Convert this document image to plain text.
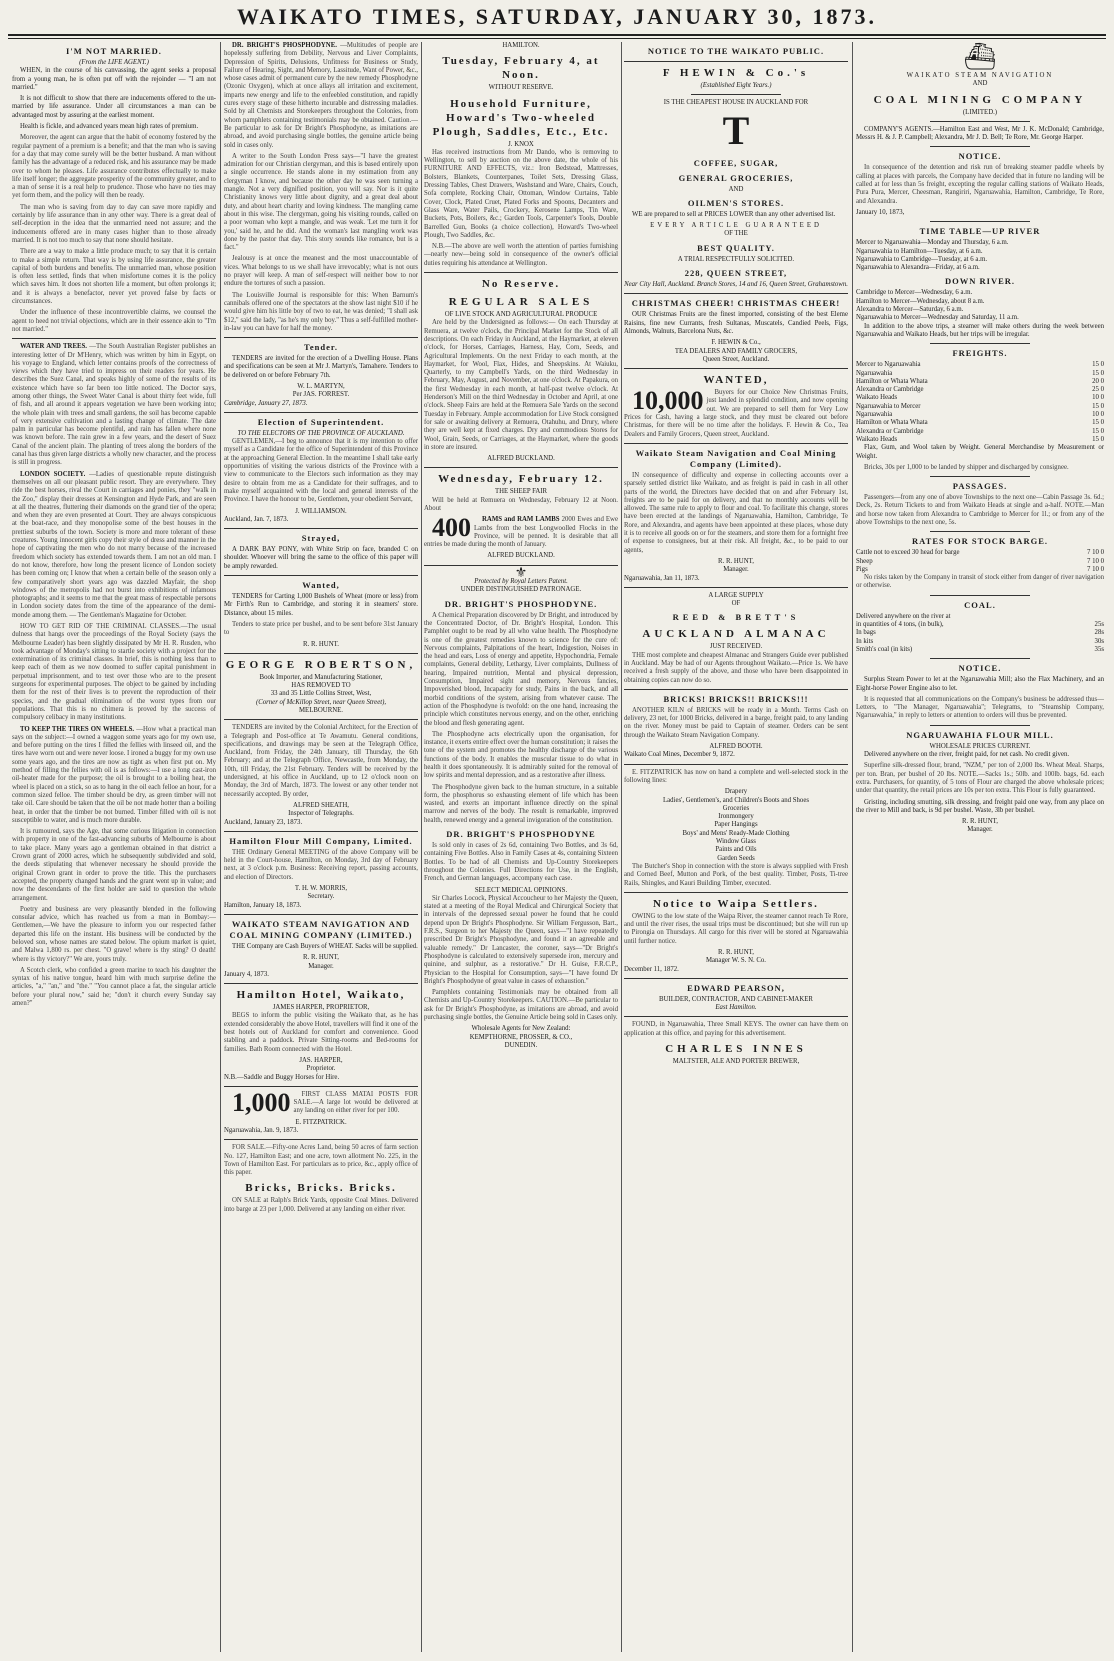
WAIKATO TIMES, SATURDAY, JANUARY 30, 1873.
I'M NOT MARRIED.
(From the LIFE AGENT.)

WHEN, in the course of his canvassing, the agent seeks a proposal from a young man, he is often put off with the rejoinder — "I am not married."

It is not difficult to show that there are inducements offered to the un-married by life assurance. Under all circumstances a man can be advantaged most by assuring at the earliest moment.

Health is fickle, and advanced years mean high rates of premium.

Moreover, the agent can argue that the habit of economy fostered by the regular payment of a premium is a benefit; and that the man who is saving for a day that may come surely will be the better husband. A man without family has the advantage of a reduced risk, and his assurance may be made over to whom he pleases. Life assurance contributes effectually to make life itself longer; the aggregate prosperity of the community greater, and to a man of sense it is a real help to prudence. Those who have no ties may yet form them, and the policy will then be ready.

The man who is saving from day to day can save more rapidly and certainly by life assurance than in any other way. There is a great deal of self-deception in the idea that the unmarried need not assure; and the inducements offered are in many cases higher than to those already married. It is not too much to say that none should hesitate.

There are a way to make a little produce much; to say that it is certain to make a simple return. That way is by using life assurance, the greater capital of both burdens and benefits. The unmarried man, whose position is often less settled, finds that when misfortune comes it is the policy which saves him. It does not shorten life a moment, but often prolongs it; and it is always a benefactor, never yet proved false by facts or circumstances.

Under the influence of these incontrovertible claims, we counsel the agent to heed not trivial objections, which are in their essence akin to "I'm not married."

WATER AND TREES. —The South Australian Register publishes an interesting letter of Dr M'Henry, which was written by him in Egypt, on his voyage to England, which letter contains proofs of the correctness of views which they have tried to impress on their readers for years. He describes the Suez Canal, and speaks highly of some of the results of its existence which have so far been too little noticed. The Doctor says, among other things, the Sweet Water Canal is about thirty feet wide, full of fish, and all around it appears vegetation we have been working into; the whole plain with trees and small gardens, the soil has become capable of very extensive cultivation and a lasting change of climate. The date palm in particular has become plentiful, and rain has fallen where none was known before. The rain grew in a few years, and the desert of Suez Canal of the ancient plain. The planting of trees along the borders of the canal has thus given large districts a wholly new character, and the process is still in progress.

LONDON SOCIETY. —Ladies of questionable repute distinguish themselves on all our pleasant public resort. They are everywhere. They ride the best horses, rival the Court in carriages and ponies, they "walk in the Zoo," display their dresses at Kensington and Hyde Park, and are seen at all the theatres, fluttering their diamonds on the grand tier of the opera; and when they are even presented at Court. They are always conspicuous at the boat-race, and they monopolise some of the best houses in the prettiest suburbs of the town. Society is more and more tolerant of these creatures. Young innocent girls copy their style of dress and manner in the hope of captivating the men who do not marry because of the increased freedom which society has extended towards them. I am not an old man. I do not know, therefore, how long the present licence of London society has been coming on; I know that when a certain belle of the season only a few comparatively short years ago was dazzled Mayfair, the shop windows of the metropolis had not burst into exhibitions of infamous photographs; and it seems to me that the great mass of respectable persons in London society dates from the time of the appearance of the demi-monde among them. — The Gentleman's Magazine for October.

HOW TO GET RID OF THE CRIMINAL CLASSES.—The usual dulness that hangs over the proceedings of the Royal Society (says the Melbourne Leader) has been slightly dissipated by Mr H. R. Rusden, who took advantage of Monday's sitting to startle society with a project for the extermination of its criminal classes. In brief, this is nothing less than to keep each of them as we now doomed to suffer capital punishment in perpetual imprisonment, and to test over those who are to the present surgeons for experimental purposes. The object to be gained by including them for the rest of their lives is to prevent the reproduction of their species, and the gradual elimination of the worst types from our populations. That this is no chimera is proved by the success of compulsory celibacy in many institutions.

TO KEEP THE TIRES ON WHEELS. —How what a practical man says on the subject:—I owned a waggon some years ago for my own use, and before putting on the tires I filled the fellies with linseed oil, and the tires have worn out and were never loose. I ironed a buggy for my own use some years ago, and the tires are now as tight as when first put on. My method of filling the fellies with oil is as follows:—I use a long cast-iron oil-heater made for the purpose; the oil is brought to a boiling heat, the wheel is placed on a stick, so as to hang in the oil each felloe an hour, for a common sized felloe. The timber should be dry, as green timber will not take oil. Care should be taken that the oil be not made hotter than a boiling heat, in order that the timber be not burned. Timber filled with oil is not susceptible to water, and is much more durable.

It is rumoured, says the Age, that some curious litigation in connection with property in one of the fast-advancing suburbs of Melbourne is about to take place. Many years ago a gentleman obtained in that district a Crown grant of 2000 acres, which he subsequently subdivided and sold, the deeds stipulating that whenever necessary he should provide the original Crown grant in order to prove the title. This the purchasers accepted, the property changed hands and the grant went up in value; and now the descendants of the first holder are said to question the whole arrangement.

Poetry and business are very pleasantly blended in the following consular advice, which has reached us from a man in Bombay:—Gentlemen,—We have the pleasure to inform you our respected father departed this life on the instant. His business will be conducted by the beloved son, whose names are stated below. The opium market is quiet, and Malwa 1,800 rs. per chest. "O grave! where is thy sting? O death! where is thy victory?" We are, yours truly.

A Scotch clerk, who confided a green marine to teach his daughter the syntax of his native tongue, heard him with much surprise define the articles, "a," "an," and "the." "You cannot place a fat, the singular article before your plural now," said he; "don't it church every Sunday say amen?"

DR. BRIGHT'S PHOSPHODYNE. —Multitudes of people are hopelessly suffering from Debility, Nervous and Liver Complaints, Depression of Spirits, Delusions, Unfitness for Business or Study, Failure of Hearing, Sight, and Memory, Lassitude, Want of Power, &c., whose cases admit of permanent cure by the new remedy Phosphodyne (Ozonic Oxygen), which at once allays all irritation and excitement, imparts new energy and life to the enfeebled constitution, and rapidly cures every stage of these hitherto incurable and distressing maladies. Sold by all Chemists and Storekeepers throughout the Colonies, from whom pamphlets containing testimonials may be obtained. Caution.—Be particular to ask for Dr Bright's Phosphodyne, as imitations are abroad, and avoid purchasing single bottles, the genuine article being sold in cases only.

A writer to the South London Press says—"I have the greatest admiration for our Christian clergyman, and this is based entirely upon a single occurrence. He stands alone in my estimation from any clergyman I know, and because the other day he was seen turning a mangle. Not a very dignified position, you will say. Nor is it quite Christianity knows very little about dignity, and a great deal about duty, and about heart charity and loving kindness. The mangling came about in this wise. The clergyman, going his visiting rounds, called on a poor woman who kept a mangle, and was weak. 'Let me turn it for you,' said he, and he did. And the woman's last mangling work was done by the pastor that day. This story sounds like romance, but is a fact."

Jealousy is at once the meanest and the most unaccountable of vices. What belongs to us we shall have irrevocably; what is not ours no prayer will keep. A man of self-respect will neither bow to nor endure the tortures of such a passion.

The Louisville Journal is responsible for this: When Barnum's cannibals offered one of the spectators at the show last night $10 if he would give him his little boy of two to eat, he was denied; "I shall ask $12," said the lady, "as he's my only boy." Thus a self-fulfilled mother-in-law you can have for half the money.

Tender.

TENDERS are invited for the erection of a Dwelling House. Plans and specifications can be seen at Mr J. Martyn's, Tamahere. Tenders to be delivered on or before February 7th.

W. L. MARTYN,
Per JAS. FORREST.
Cambridge, January 27, 1873.
Election of Superintendent.
TO THE ELECTORS OF THE PROVINCE OF AUCKLAND.

GENTLEMEN,—I beg to announce that it is my intention to offer myself as a Candidate for the office of Superintendent of this Province at the approaching General Election. In the meantime I shall take early opportunities of visiting the various districts of the Province with a view to communicate to the Electors such information as they may desire to obtain from me as a Candidate for their suffrages, and to make myself acquainted with the local and general interests of the Province. I have the honour to be, Gentlemen, your obedient Servant,

J. WILLIAMSON.
Auckland, Jan. 7, 1873.
Strayed,

A DARK BAY PONY, with White Strip on face, branded C on shoulder. Whoever will bring the same to the office of this paper will be amply rewarded.

Wanted,

TENDERS for Carting 1,000 Bushels of Wheat (more or less) from Mr Firth's Run to Cambridge, and storing it in steamers' store. Distance, about 15 miles.

Tenders to state price per bushel, and to be sent before 31st January to

R. R. HUNT.
GEORGE ROBERTSON,
Book Importer, and Manufacturing Stationer,
HAS REMOVED TO
33 and 35 Little Collins Street, West,
(Corner of McKillop Street, near Queen Street),
MELBOURNE.

TENDERS are invited by the Colonial Architect, for the Erection of a Telegraph and Post-office at Te Awamutu. General conditions, specifications, and drawings may be seen at the Telegraph Office, Auckland, from Friday, the 24th January, till Thursday, the 6th February; and at the Telegraph Office, Newcastle, from Monday, the 10th, till Friday, the 21st February. Tenders will be received by the undersigned, at his office in Auckland, up to 12 o'clock noon on Monday, the 3rd of March, 1873. The lowest or any other tender not necessarily accepted. By order,

ALFRED SHEATH,
Inspector of Telegraphs.
Auckland, January 23, 1873.
Hamilton Flour Mill Company, Limited.

THE Ordinary General MEETING of the above Company will be held in the Court-house, Hamilton, on Monday, 3rd day of February next, at 3 o'clock p.m. Business: Receiving report, passing accounts, and election of Directors.

T. H. W. MORRIS,
Secretary.
Hamilton, January 18, 1873.
WAIKATO STEAM NAVIGATION AND COAL MINING COMPANY (LIMITED.)

THE Company are Cash Buyers of WHEAT. Sacks will be supplied.

R. R. HUNT,
Manager.
January 4, 1873.
Hamilton Hotel, Waikato,
JAMES HARPER, PROPRIETOR,

BEGS to inform the public visiting the Waikato that, as he has extended considerably the above Hotel, travellers will find it one of the best hotels out of Auckland for comfort and convenience. Good stabling and a paddock. Private Sitting-rooms and Bed-rooms for families. Bath Room connected with the Hotel.

JAS. HARPER,
Proprietor.
N.B.—Saddle and Buggy Horses for Hire.

1,000 FIRST CLASS MATAI POSTS FOR SALE.—A large lot would be delivered at any landing on either river for per 100.

E. FITZPATRICK.
Ngaruawahia, Jan. 9, 1873.

FOR SALE.—Fifty-one Acres Land, being 50 acres of farm section No. 127, Hamilton East; and one acre, town allotment No. 225, in the Town of Hamilton East. For particulars as to price, &c., apply office of this paper.

Bricks, Bricks. Bricks.

ON SALE at Ralph's Brick Yards, opposite Coal Mines. Delivered into barge at 23 per 1,000. Delivered at any landing on either river.

HAMILTON.
Tuesday, February 4, at Noon.
WITHOUT RESERVE.
Household Furniture, Howard's Two-wheeled Plough, Saddles, Etc., Etc.
J. KNOX

Has received instructions from Mr Dando, who is removing to Wellington, to sell by auction on the above date, the whole of his FURNITURE AND EFFECTS, viz.: Iron Bedstead, Mattresses, Bolsters, Blankets, Counterpanes, Toilet Sets, Dressing Glass, Dressing Tables, Chest Drawers, Washstand and Ware, Chairs, Couch, Sofa complete, Rocking Chair, Ottoman, Window Curtains, Table Cover, Clock, Plated Cruet, Plated Forks and Spoons, Decanters and Glass Ware, Water Pails, Crockery, Kerosene Lamps, Tin Ware, Buckets, Pots, Boilers, &c.; Garden Tools, Carpenter's Tools, Double Barrelled Gun, Books (a choice collection), Howard's Two-wheel Plough, Two Saddles, &c.

N.B.—The above are well worth the attention of parties furnishing—nearly new—being sold in consequence of the owner's official duties requiring his attendance at Wellington.

No Reserve.
REGULAR SALES
OF LIVE STOCK AND AGRICULTURAL PRODUCE

Are held by the Undersigned as follows:— On each Thursday at Remuera, at twelve o'clock, the Principal Market for the Stock of all descriptions. On each Friday in Auckland, at the Haymarket, at eleven o'clock, for Horses, Carriages, Harness, Hay, Corn, Seeds, and Agricultural Implements. On the next Friday to each month, at the Haymarket, for Wool, Flax, Hides, and Sheepskins. At Waiuku, Quarterly, to my Campbell's Yards, on the third Wednesday in February, May, August, and November, at one o'clock. At Papakura, on the first Wednesday in each month, at half-past twelve o'clock. At Henderson's Mill on the third Wednesday in October and April, at one o'clock. Sheep Fairs are held at the Remuera Sale Yards on the second Tuesday in February. Ample accommodation for Live Stock consigned for sale or awaiting delivery at Remuera, Otahuhu, and Drury, where they are well kept at fixed charges. Dry and commodious Stores for Wool, Grain, Seeds, or Carriages, at the Haymarket, where the goods in store are insured.

ALFRED BUCKLAND.
Wednesday, February 12.
THE SHEEP FAIR

Will be held at Remuera on Wednesday, February 12 at Noon. About

400 RAMS and RAM LAMBS 2000 Ewes and Ewe Lambs from the best Longwoolled Flocks in the Province, will be penned. It is desirable that all entries be made during the month of January.

ALFRED BUCKLAND.
⚜
Protected by Royal Letters Patent.
UNDER DISTINGUISHED PATRONAGE.
DR. BRIGHT'S PHOSPHODYNE.

A Chemical Preparation discovered by Dr Bright, and introduced by the Concentrated Doctor, of Dr. Bright's Hospital, London. This Pamphlet ought to be read by all who value health. The Phosphodyne is one of the greatest remedies known to science for the cure of: Nervous complaints, Palpitations of the heart, Indigestion, Noises in the head and ears, Loss of energy and appetite, Hypochondria, Female complaints, General debility, Lethargy, Liver complaints, Dullness of hearing, Impaired nutrition, Mental and physical depression, Consumption, Impaired sight and memory, Nervous fancies, Impoverished blood, Incapacity for study, Pains in the back, and all morbid conditions of the system, arising from whatever cause. The action of the Phosphodyne is twofold: on the one hand, increasing the principle which constitutes nervous energy, and on the other, enriching the blood and flesh generating agent.

The Phosphodyne acts electrically upon the organisation, for instance, it exerts entire effect over the human constitution; it raises the tone of the system and promotes the healthy discharge of the various functions of the body. It enables the muscular tissue to do what in health it does spontaneously. It is admirably suited for the removal of low spirits and mental depression, and as a restorative after illness.

The Phosphodyne given back to the human structure, in a suitable form, the phosphorus so exhausting element of life which has been wasted, and exerts an important influence directly on the spinal marrow and nerves of the body. The result is remarkable, improved health, renewed energy and a general invigoration of the constitution.

DR. BRIGHT'S PHOSPHODYNE

Is sold only in cases of 2s 6d, containing Two Bottles, and 3s 6d, containing Five Bottles. Also in Family Cases at 4s, containing Sixteen Bottles. To be had of all Chemists and Up-Country Storekeepers throughout the Colonies. Full Directions for Use, in the English, French, and German languages, accompany each case.

SELECT MEDICAL OPINIONS.

Sir Charles Locock, Physical Accoucheur to her Majesty the Queen, stated at a meeting of the Royal Medical and Chirurgical Society that in intervals of the depressed sexual power he found that he could depend upon Dr Bright's Phosphodyne. Sir William Fergusson, Bart., F.R.S., Surgeon to her Majesty the Queen, says—"I have repeatedly prescribed Dr Bright's Phosphodyne, and found it an agreeable and valuable remedy." Dr Lancaster, the coroner, says—"Dr Bright's Phosphodyne is calculated to extensively supersede iron, mercury and quinine, and sulphur, as a restorative." Dr H. Guise, F.R.C.P., Physician to the Hospital for Consumption, says—"I have found Dr Bright's Phosphodyne of great value in cases of exhaustion."

Pamphlets containing Testimonials may be obtained from all Chemists and Up-Country Storekeepers. CAUTION.—Be particular to ask for Dr Bright's Phosphodyne, as imitations are abroad, and avoid purchasing single bottles, the Genuine Article being sold in Cases only.

Wholesale Agents for New Zealand:
KEMPTHORNE, PROSSER, & CO.,
DUNEDIN.
NOTICE TO THE WAIKATO PUBLIC.
F HEWIN & Co.'s
(Established Eight Years.)
IS THE CHEAPEST HOUSE IN AUCKLAND FOR
T
COFFEE, SUGAR,
GENERAL GROCERIES,
AND
OILMEN'S STORES.

WE are prepared to sell at PRICES LOWER than any other advertised list.

EVERY ARTICLE GUARANTEED
OF THE
BEST QUALITY.
A TRIAL RESPECTFULLY SOLICITED.
228, QUEEN STREET,
Near City Hall, Auckland. Branch Stores, 14 and 16, Queen Street, Grahamstown.
CHRISTMAS CHEER! CHRISTMAS CHEER!

OUR Christmas Fruits are the finest imported, consisting of the best Eleme Raisins, fine new Currants, fresh Sultanas, Muscatels, Candied Peels, Figs, Almonds, Walnuts, Barcelona Nuts, &c.

F. HEWIN & Co.,
TEA DEALERS AND FAMILY GROCERS,
Queen Street, Auckland.
WANTED,

10,000 Buyers for our Choice New Christmas Fruits, just landed in splendid condition, and now opening out. We are prepared to sell them for Very Low Prices for Cash, having a large stock, and they must be cleared out before Christmas, for there will be no time after the holidays. F. Hewin & Co., Tea Dealers and Family Grocers, Queen street, Auckland.

Waikato Steam Navigation and Coal Mining Company (Limited).

IN consequence of difficulty and expense in collecting accounts over a sparsely settled district like Waikato, and as freight is paid in cash in all other parts of the world, the Directors have decided that on and after February 1st, freights are to be paid for on delivery, and that no monthly accounts will be allowed. The same rule to apply to flour and coal. To facilitate this change, stores have been erected at the landings of Ngaruawahia, Hamilton, Cambridge, Te Rore, and Alexandra, and agents have been appointed at these places, whose duty it is to receive all goods on or for the steamers, and store them for a fortnight free of expense to consignees, but at their risk. All freight, &c., to be paid to our agents,

R. R. HUNT,
Manager.
Ngaruawahia, Jan 11, 1873.
A LARGE SUPPLY
OF
REED & BRETT'S
AUCKLAND ALMANAC
JUST RECEIVED.

THE most complete and cheapest Almanac and Strangers Guide ever published in Auckland. May be had of our Agents throughout Waikato.—Price 1s. We have received a fresh supply of the above, and those who have been disappointed in obtaining copies can now do so.

BRICKS! BRICKS!! BRICKS!!!

ANOTHER KILN of BRICKS will be ready in a Month. Terms Cash on delivery, 23 net, for 1000 Bricks, delivered in a barge, freight paid, to any landing on the river. Money must be paid to Captain of steamer. Orders can be sent through the Waikato Steam Navigation Company.

ALFRED BOOTH.
Waikato Coal Mines, December 9, 1872.

E. FITZPATRICK has now on hand a complete and well-selected stock in the following lines:

Drapery
Ladies', Gentlemen's, and Children's Boots and Shoes
Groceries
Ironmongery
Paper Hangings
Boys' and Mens' Ready-Made Clothing
Window Glass
Paints and Oils
Garden Seeds

The Butcher's Shop in connection with the store is always supplied with Fresh and Corned Beef, Mutton and Pork, of the best quality. Timber, Posts, Ti-tree Rails, Shingles, and Kauri Building Timber, executed.

Notice to Waipa Settlers.

OWING to the low state of the Waipa River, the steamer cannot reach Te Rore, and until the river rises, the usual trips must be discontinued; but she will run up to Pirongia on Thursdays. All cargo for this river will be stored at Ngaruawahia until further notice.

R. R. HUNT,
Manager W. S. N. Co.
December 11, 1872.
EDWARD PEARSON,
BUILDER, CONTRACTOR, AND CABINET-MAKER
East Hamilton.

FOUND, in Ngaruawahia, Three Small KEYS. The owner can have them on application at this office, and paying for this advertisement.

CHARLES INNES
MALTSTER, ALE AND PORTER BREWER,
⛴
WAIKATO STEAM NAVIGATION
AND
COAL MINING COMPANY
(LIMITED.)

COMPANY'S AGENTS.—Hamilton East and West, Mr J. K. McDonald; Cambridge, Messrs H. & J. P. Campbell; Alexandra, Mr J. D. Bell; Te Rore, Mr. George Harper.

NOTICE.

In consequence of the detention and risk run of breaking steamer paddle wheels by calling at places with parcels, the Company have decided that in future no landing will be called at for less than 5s freight, excepting the regular calling stations of Waikato Heads, Pura Pura, Mercer, Cheesman, Rangiriri, Ngaruawahia, Hamilton, Cambridge, Te Rore, and Alexandra.

January 10, 1873,
TIME TABLE—UP RIVER
Mercer to Ngaruawahia—Monday and Thursday, 6 a.m.
Ngaruawahia to Hamilton—Tuesday, at 6 a.m.
Ngaruawahia to Cambridge—Tuesday, at 6 a.m.
Ngaruawahia to Alexandra—Friday, at 6 a.m.
DOWN RIVER.
Cambridge to Mercer—Wednesday, 6 a.m.
Hamilton to Mercer—Wednesday, about 8 a.m.
Alexandra to Mercer—Saturday, 6 a.m.
Ngaruawahia to Mercer—Wednesday and Saturday, 11 a.m.

In addition to the above trips, a steamer will make others during the week between Ngaruawahia and Waikato Heads, but her trips will be irregular.

FREIGHTS.
Mercer to Ngaruawahia	15 0
Ngaruawahia	15 0
Hamilton or Whata Whata	20 0
Alexandra or Cambridge	25 0
Waikato Heads	10 0
Ngaruawahia to Mercer	15 0
Ngaruawahia	10 0
Hamilton or Whata Whata	15 0
Alexandra or Cambridge	15 0
Waikato Heads	15 0

Flax, Gum, and Wool taken by Weight. General Merchandise by Measurement or Weight.

Bricks, 30s per 1,000 to be landed by shipper and discharged by consignee.

PASSAGES.

Passengers—from any one of above Townships to the next one—Cabin Passage 3s. 6d.; Deck, 2s. Return Tickets to and from Waikato Heads at single and a-half. NOTE.—Man and horse now taken from Alexandra to Cambridge to Mercer for 1l.; or from any of the above Townships to the next one, 5s.

RATES FOR STOCK BARGE.
Cattle not to exceed 30 head for barge	7 10 0
Sheep	7 10 0
Pigs	7 10 0

No risks taken by the Company in transit of stock either from danger of river navigation or otherwise.

COAL.
Delivered anywhere on the river at	
in quantities of 4 tons, (in bulk),	25s
In bags	28s
In kits	30s
Smith's coal (in kits)	35s
NOTICE.

Surplus Steam Power to let at the Ngaruawahia Mill; also the Flax Machinery, and an Eight-horse Power Engine also to let.

It is requested that all communications on the Company's business be addressed thus—Letters, to "The Manager, Ngaruawahia"; Telegrams, to "Steamship Company, Ngaruawahia," in reply to letters or attention to orders will thus be prevented.

NGARUAWAHIA FLOUR MILL.
WHOLESALE PRICES CURRENT.

Delivered anywhere on the river, freight paid, for net cash. No credit given.

Superfine silk-dressed flour, brand, "NZM," per ton of 2,000 lbs. Wheat Meal. Sharps, per ton. Bran, per bushel of 20 lbs. NOTE.—Sacks 1s.; 50lb. and 100lb. bags, 6d. each extra. Purchasers, for quantity, of 5 tons of Flour are charged the above wholesale prices; under that quantity, the retail prices are 10s per ton extra. This Flour is fully guaranteed.

Gristing, including smutting, silk dressing, and freight paid one way, from any place on the river to Mill and back, is 9d per bushel. Waste, 3lb per bushel.

R. R. HUNT,
Manager.
